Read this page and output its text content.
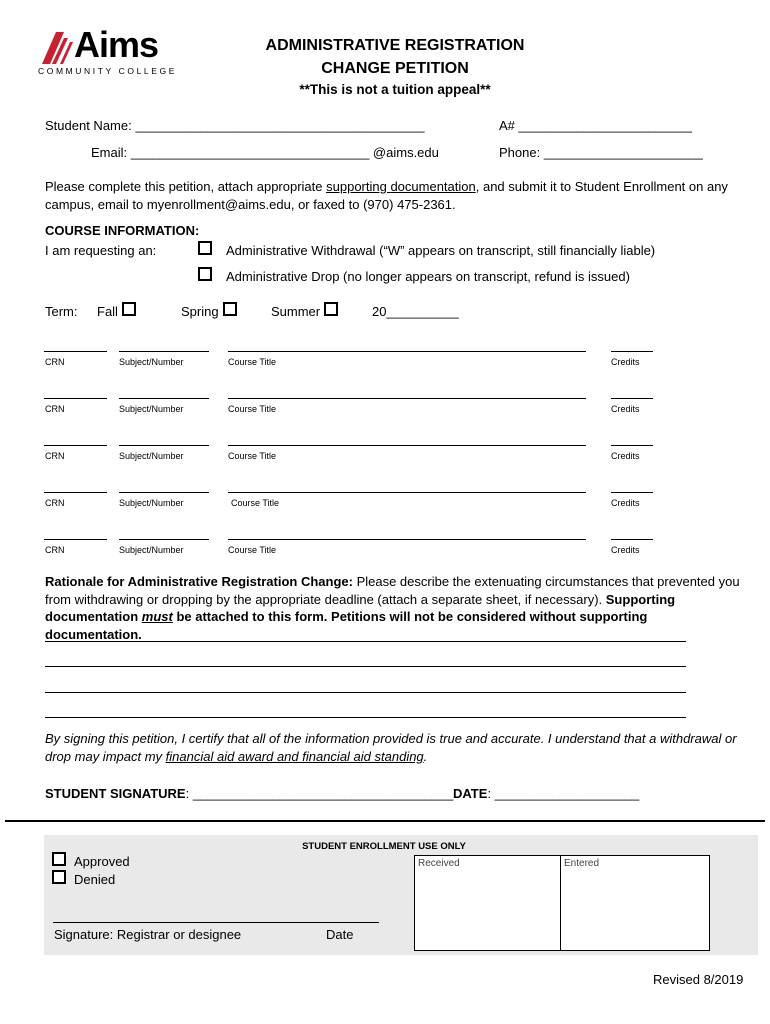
Aims
COMMUNITY COLLEGE
ADMINISTRATIVE REGISTRATION
CHANGE PETITION
**This is not a tuition appeal**
Student Name: ________________________________________	A# ________________________
Email: _________________________________ @aims.edu	Phone: ______________________
Please complete this petition, attach appropriate supporting documentation, and submit it to Student Enrollment on any campus, email to myenrollment@aims.edu, or faxed to (970) 475-2361.
COURSE INFORMATION:
I am requesting an:	Administrative Withdrawal (“W” appears on transcript, still financially liable)
Administrative Drop (no longer appears on transcript, refund is issued)
Term: Fall	Spring	Summer	20__________
CRN	Subject/Number	Course Title	Credits
CRN	Subject/Number	Course Title	Credits
CRN	Subject/Number	Course Title	Credits
CRN	Subject/Number	Course Title	Credits
CRN	Subject/Number	Course Title	Credits
Rationale for Administrative Registration Change: Please describe the extenuating circumstances that prevented you from withdrawing or dropping by the appropriate deadline (attach a separate sheet, if necessary). Supporting documentation must be attached to this form. Petitions will not be considered without supporting documentation.
By signing this petition, I certify that all of the information provided is true and accurate. I understand that a withdrawal or drop may impact my financial aid award and financial aid standing.
STUDENT SIGNATURE: ____________________________________ DATE: ____________________
STUDENT ENROLLMENT USE ONLY
Approved
Denied
Received	Entered
Signature: Registrar or designee	Date
Revised 8/2019
